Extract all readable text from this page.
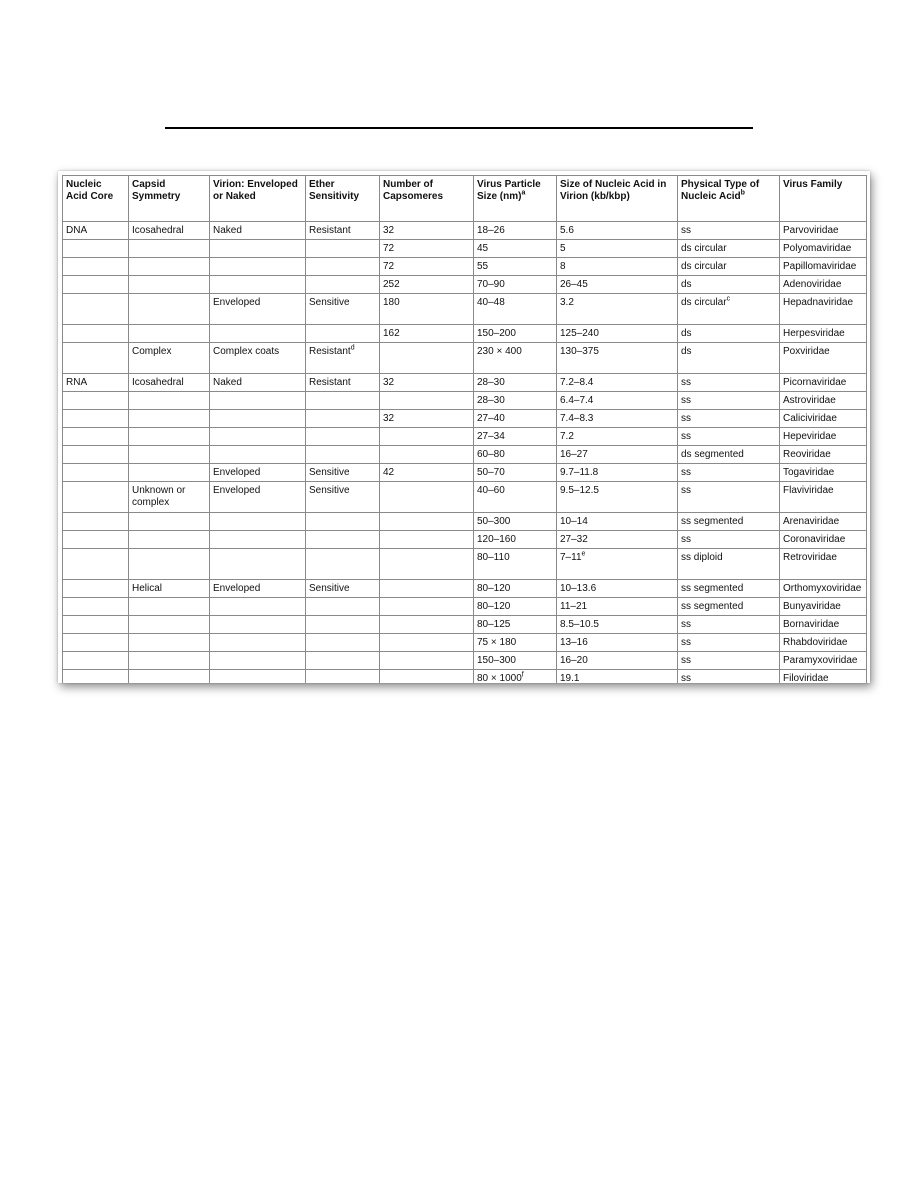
Nucleic Acid Core	Capsid Symmetry	Virion: Enveloped or Naked	Ether Sensitivity	Number of Capsomeres	Virus Particle Size (nm)$^a$	Size of Nucleic Acid in Virion (kb/kbp)	Physical Type of Nucleic Acid$^b$	Virus Family
DNA	Icosahedral	Naked	Resistant	32	18–26	5.6	ss	Parvoviridae
				72	45	5	ds circular	Polyomaviridae
				72	55	8	ds circular	Papillomaviridae
				252	70–90	26–45	ds	Adenoviridae
		Enveloped	Sensitive	180	40–48	3.2	ds circular$^c$	Hepadnaviridae
				162	150–200	125–240	ds	Herpesviridae
	Complex	Complex coats	Resistant$^d$		230 × 400	130–375	ds	Poxviridae
RNA	Icosahedral	Naked	Resistant	32	28–30	7.2–8.4	ss	Picornaviridae
					28–30	6.4–7.4	ss	Astroviridae
				32	27–40	7.4–8.3	ss	Caliciviridae
					27–34	7.2	ss	Hepeviridae
					60–80	16–27	ds segmented	Reoviridae
		Enveloped	Sensitive	42	50–70	9.7–11.8	ss	Togaviridae
	Unknown or complex	Enveloped	Sensitive		40–60	9.5–12.5	ss	Flaviviridae
					50–300	10–14	ss segmented	Arenaviridae
					120–160	27–32	ss	Coronaviridae
					80–110	7–11e	ss diploid	Retroviridae
	Helical	Enveloped	Sensitive		80–120	10–13.6	ss segmented	Orthomyxoviridae
					80–120	11–21	ss segmented	Bunyaviridae
					80–125	8.5–10.5	ss	Bornaviridae
					75 × 180	13–16	ss	Rhabdoviridae
					150–300	16–20	ss	Paramyxoviridae
					$80 \times 1000^f$	19.1	ss	Filoviridae
